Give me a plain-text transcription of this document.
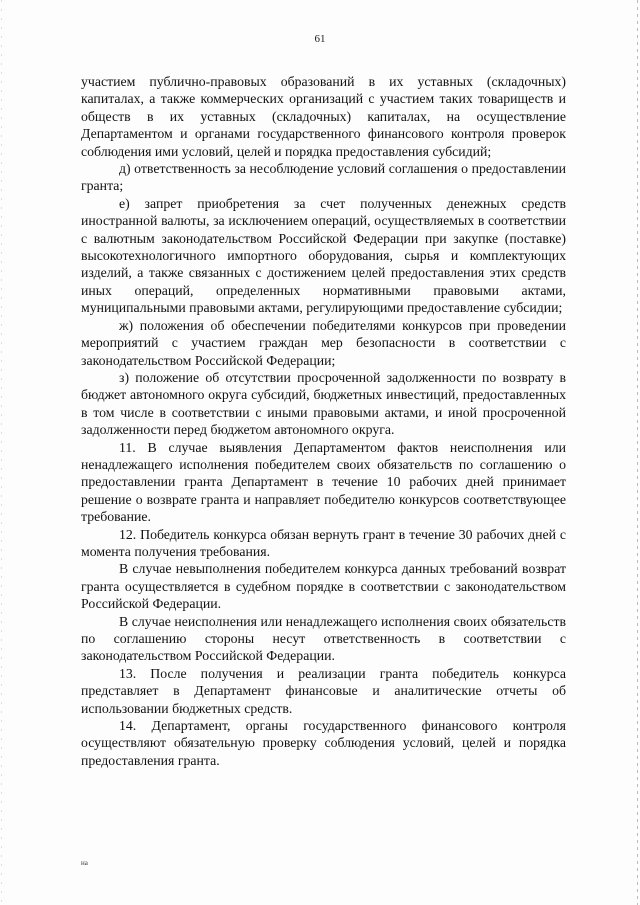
61

участием публично-правовых образований в их уставных (складочных) капиталах, а также коммерческих организаций с участием таких товариществ и обществ в их уставных (складочных) капиталах, на осуществление Департаментом и органами государственного финансового контроля проверок соблюдения ими условий, целей и порядка предоставления субсидий;

д) ответственность за несоблюдение условий соглашения о предоставлении гранта;

е) запрет приобретения за счет полученных денежных средств иностранной валюты, за исключением операций, осуществляемых в соответствии с валютным законодательством Российской Федерации при закупке (поставке) высокотехнологичного импортного оборудования, сырья и комплектующих изделий, а также связанных с достижением целей предоставления этих средств иных операций, определенных нормативными правовыми актами, муниципальными правовыми актами, регулирующими предоставление субсидии;

ж) положения об обеспечении победителями конкурсов при проведении мероприятий с участием граждан мер безопасности в соответствии с законодательством Российской Федерации;

з) положение об отсутствии просроченной задолженности по возврату в бюджет автономного округа субсидий, бюджетных инвестиций, предоставленных в том числе в соответствии с иными правовыми актами, и иной просроченной задолженности перед бюджетом автономного округа.

11. В случае выявления Департаментом фактов неисполнения или ненадлежащего исполнения победителем своих обязательств по соглашению о предоставлении гранта Департамент в течение 10 рабочих дней принимает решение о возврате гранта и направляет победителю конкурсов соответствующее требование.

12. Победитель конкурса обязан вернуть грант в течение 30 рабочих дней с момента получения требования.

В случае невыполнения победителем конкурса данных требований возврат гранта осуществляется в судебном порядке в соответствии с законодательством Российской Федерации.

В случае неисполнения или ненадлежащего исполнения своих обязательств по соглашению стороны несут ответственность в соответствии с законодательством Российской Федерации.

13. После получения и реализации гранта победитель конкурса представляет в Департамент финансовые и аналитические отчеты об использовании бюджетных средств.

14. Департамент, органы государственного финансового контроля осуществляют обязательную проверку соблюдения условий, целей и порядка предоставления гранта.

на
